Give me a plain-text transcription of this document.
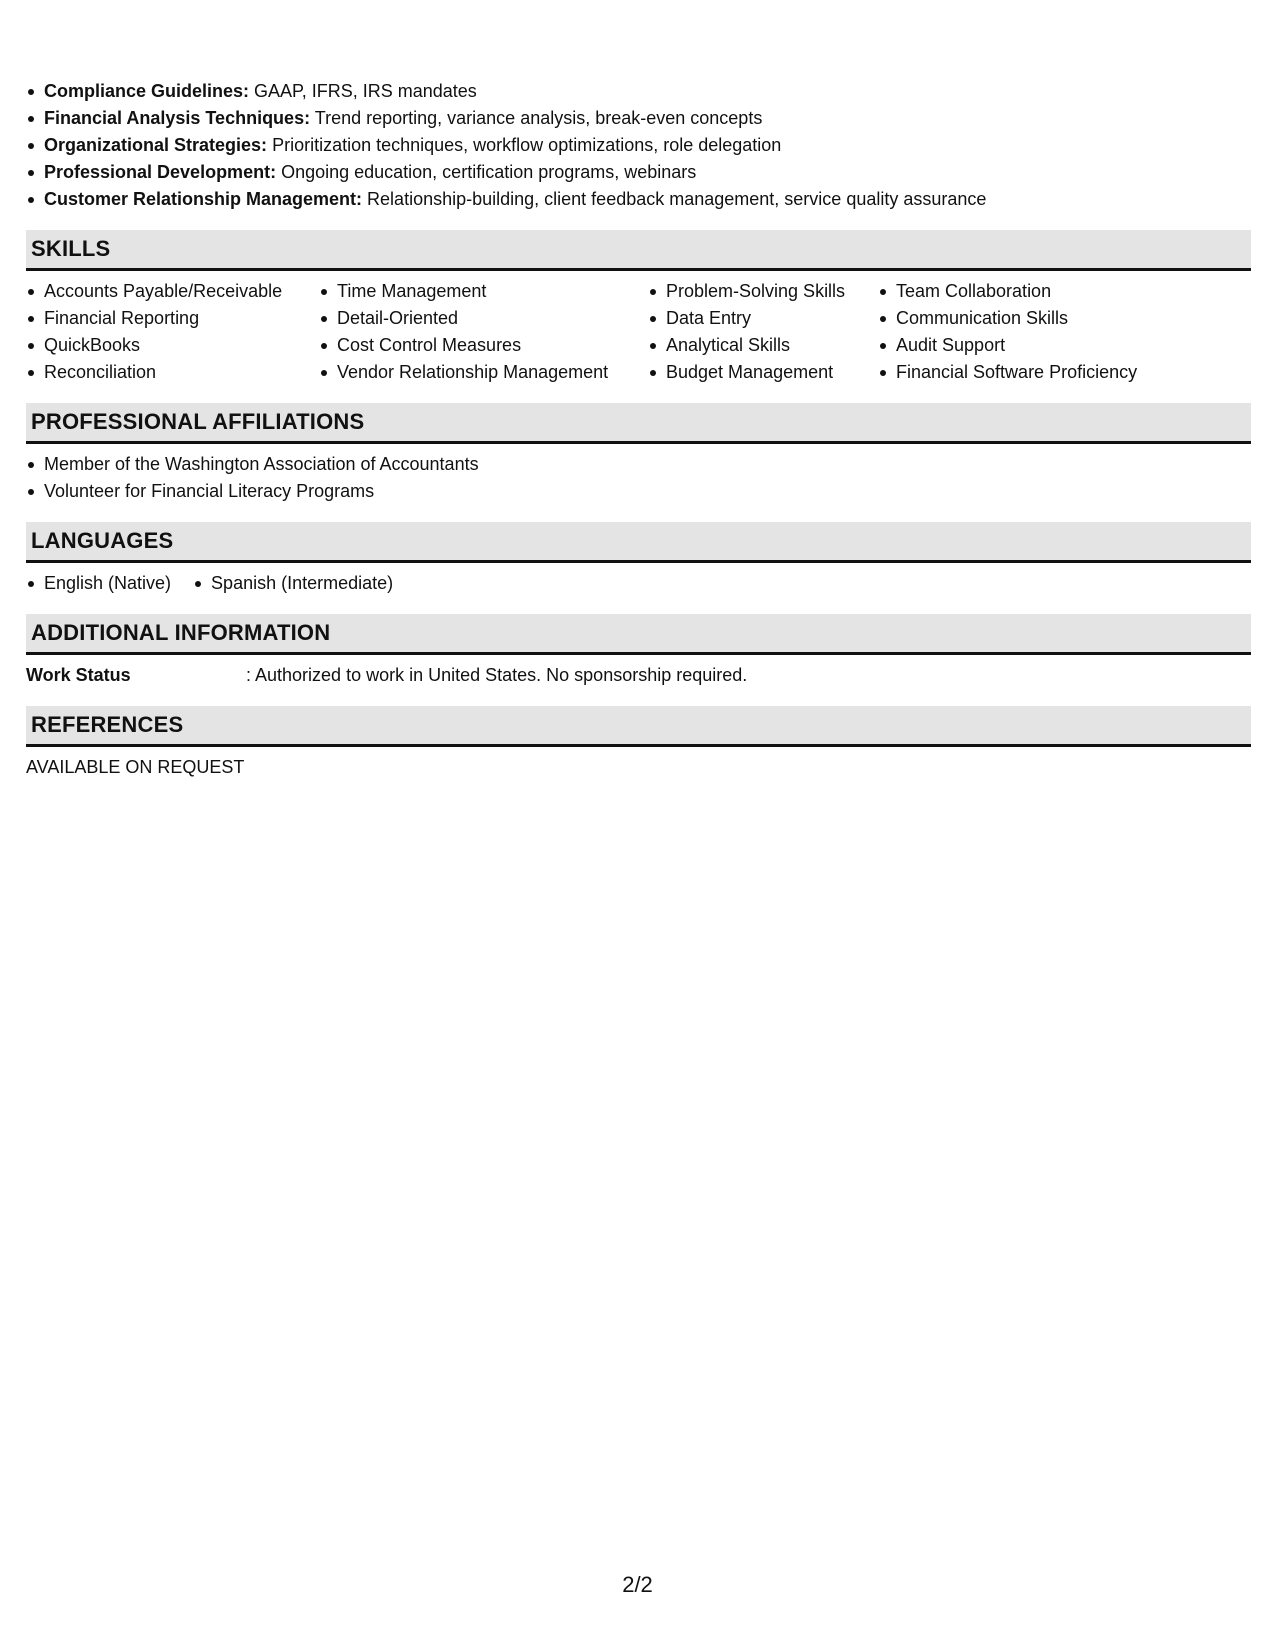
Compliance Guidelines: GAAP, IFRS, IRS mandates
Financial Analysis Techniques: Trend reporting, variance analysis, break-even concepts
Organizational Strategies: Prioritization techniques, workflow optimizations, role delegation
Professional Development: Ongoing education, certification programs, webinars
Customer Relationship Management: Relationship-building, client feedback management, service quality assurance
SKILLS
Accounts Payable/Receivable
Financial Reporting
QuickBooks
Reconciliation
Time Management
Detail-Oriented
Cost Control Measures
Vendor Relationship Management
Problem-Solving Skills
Data Entry
Analytical Skills
Budget Management
Team Collaboration
Communication Skills
Audit Support
Financial Software Proficiency
PROFESSIONAL AFFILIATIONS
Member of the Washington Association of Accountants
Volunteer for Financial Literacy Programs
LANGUAGES
English (Native)	Spanish (Intermediate)
ADDITIONAL INFORMATION
Work Status	: Authorized to work in United States. No sponsorship required.
REFERENCES
AVAILABLE ON REQUEST
2/2
